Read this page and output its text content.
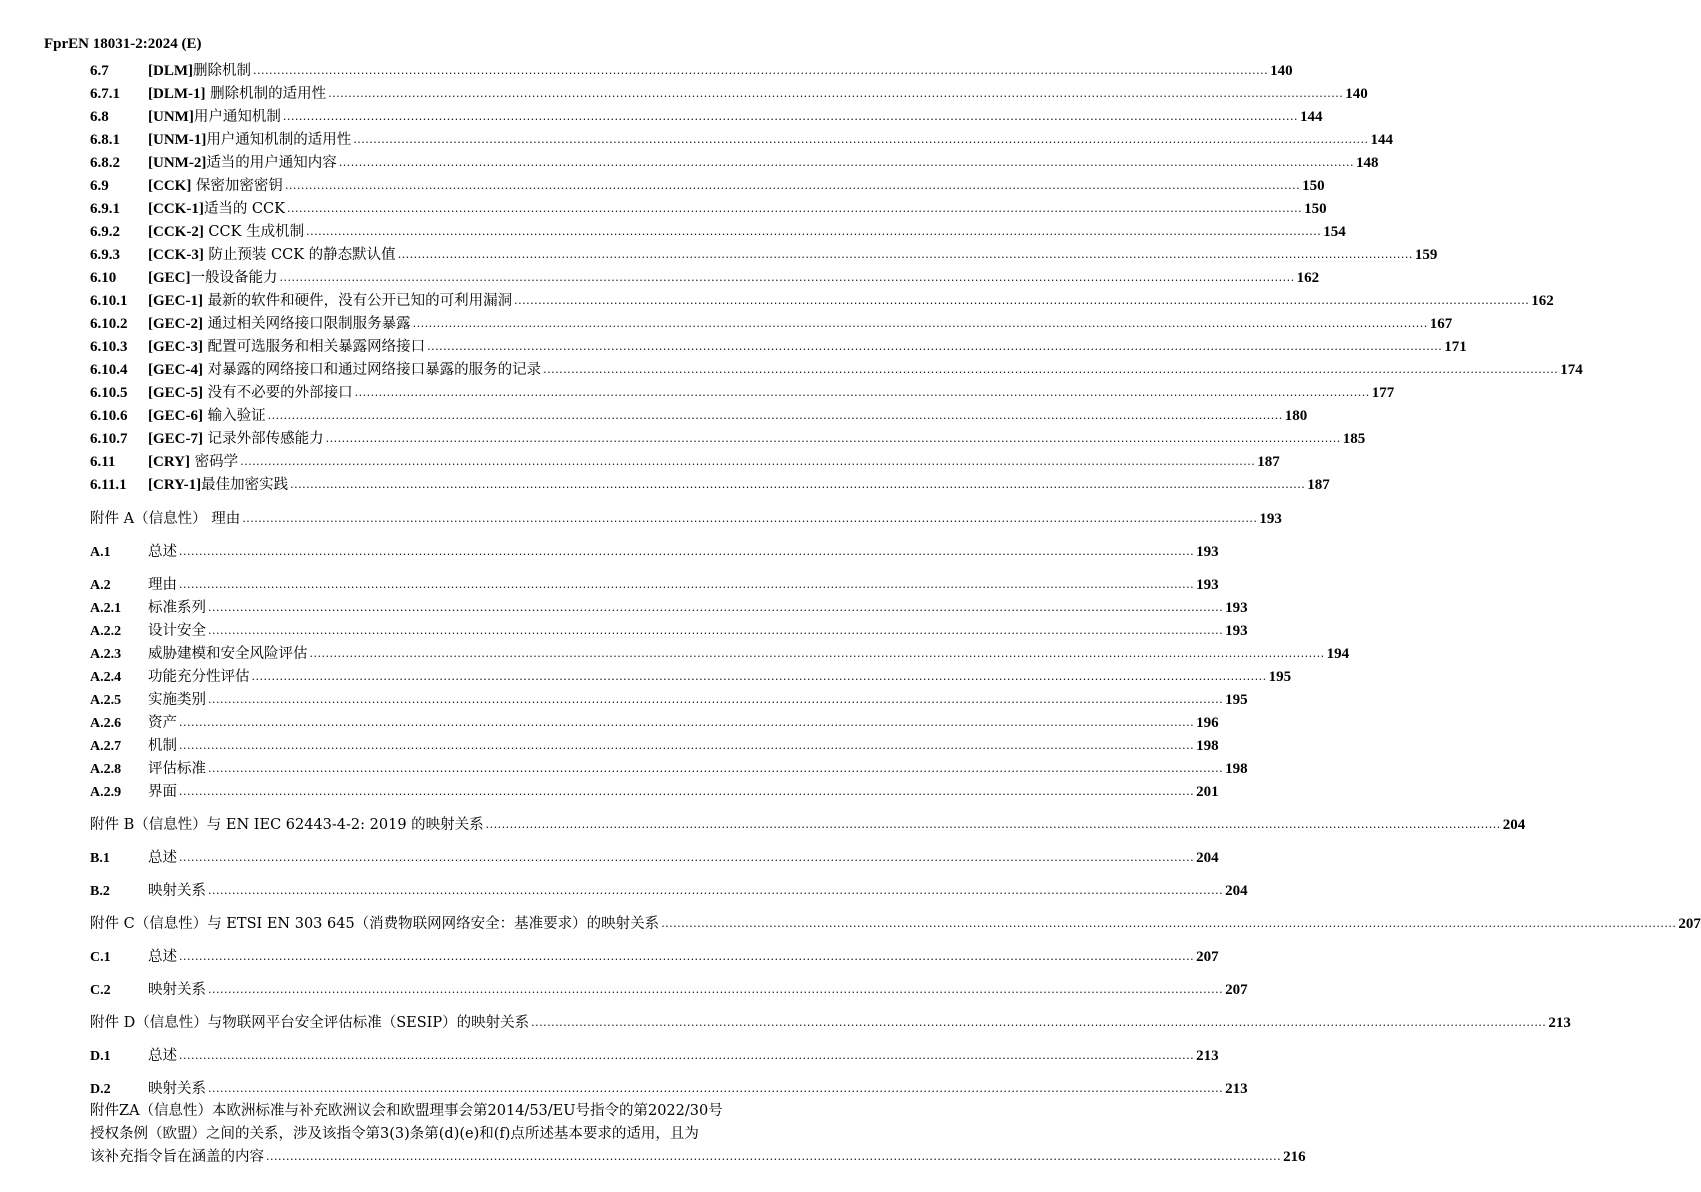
FprEN 18031-2:2024 (E)
6.7	[DLM]删除机制 .....	140
6.7.1	[DLM-1] 删除机制的适用性 .....	140
6.8	[UNM]用户通知机制 .....	144
6.8.1	[UNM-1]用户通知机制的适用性 .....	144
6.8.2	[UNM-2]适当的用户通知内容 .....	148
6.9	[CCK] 保密加密密钥 .....	150
6.9.1	[CCK-1]适当的 CCK .....	150
6.9.2	[CCK-2] CCK 生成机制 .....	154
6.9.3	[CCK-3] 防止预装 CCK 的静态默认值 .....	159
6.10	[GEC]一般设备能力 .....	162
6.10.1	[GEC-1] 最新的软件和硬件，没有公开已知的可利用漏洞 .....	162
6.10.2	[GEC-2] 通过相关网络接口限制服务暴露 .....	167
6.10.3	[GEC-3] 配置可选服务和相关暴露网络接口 .....	171
6.10.4	[GEC-4] 对暴露的网络接口和通过网络接口暴露的服务的记录 .....	174
6.10.5	[GEC-5] 没有不必要的外部接口 .....	177
6.10.6	[GEC-6] 输入验证 .....	180
6.10.7	[GEC-7] 记录外部传感能力 .....	185
6.11	[CRY] 密码学 .....	187
6.11.1	[CRY-1]最佳加密实践 .....	187
附件 A（信息性） 理由 .....	193
A.1	总述 .....	193
A.2	理由 .....	193
A.2.1	标准系列 .....	193
A.2.2	设计安全 .....	193
A.2.3	威胁建模和安全风险评估 .....	194
A.2.4	功能充分性评估 .....	195
A.2.5	实施类别 .....	195
A.2.6	资产 .....	196
A.2.7	机制 .....	198
A.2.8	评估标准 .....	198
A.2.9	界面 .....	201
附件 B（信息性）与 EN IEC 62443-4-2: 2019 的映射关系 .....	204
B.1	总述 .....	204
B.2	映射关系 .....	204
附件 C（信息性）与 ETSI EN 303 645（消费物联网网络安全：基准要求）的映射关系 .....	207
C.1	总述 .....	207
C.2	映射关系 .....	207
附件 D（信息性）与物联网平台安全评估标准（SESIP）的映射关系 .....	213
D.1	总述 .....	213
D.2	映射关系 .....	213
附件ZA（信息性）本欧洲标准与补充欧洲议会和欧盟理事会第2014/53/EU号指令的第2022/30号
授权条例（欧盟）之间的关系，涉及该指令第3(3)条第(d)(e)和(f)点所述基本要求的适用，且为
该补充指令旨在涵盖的内容 .....	216
